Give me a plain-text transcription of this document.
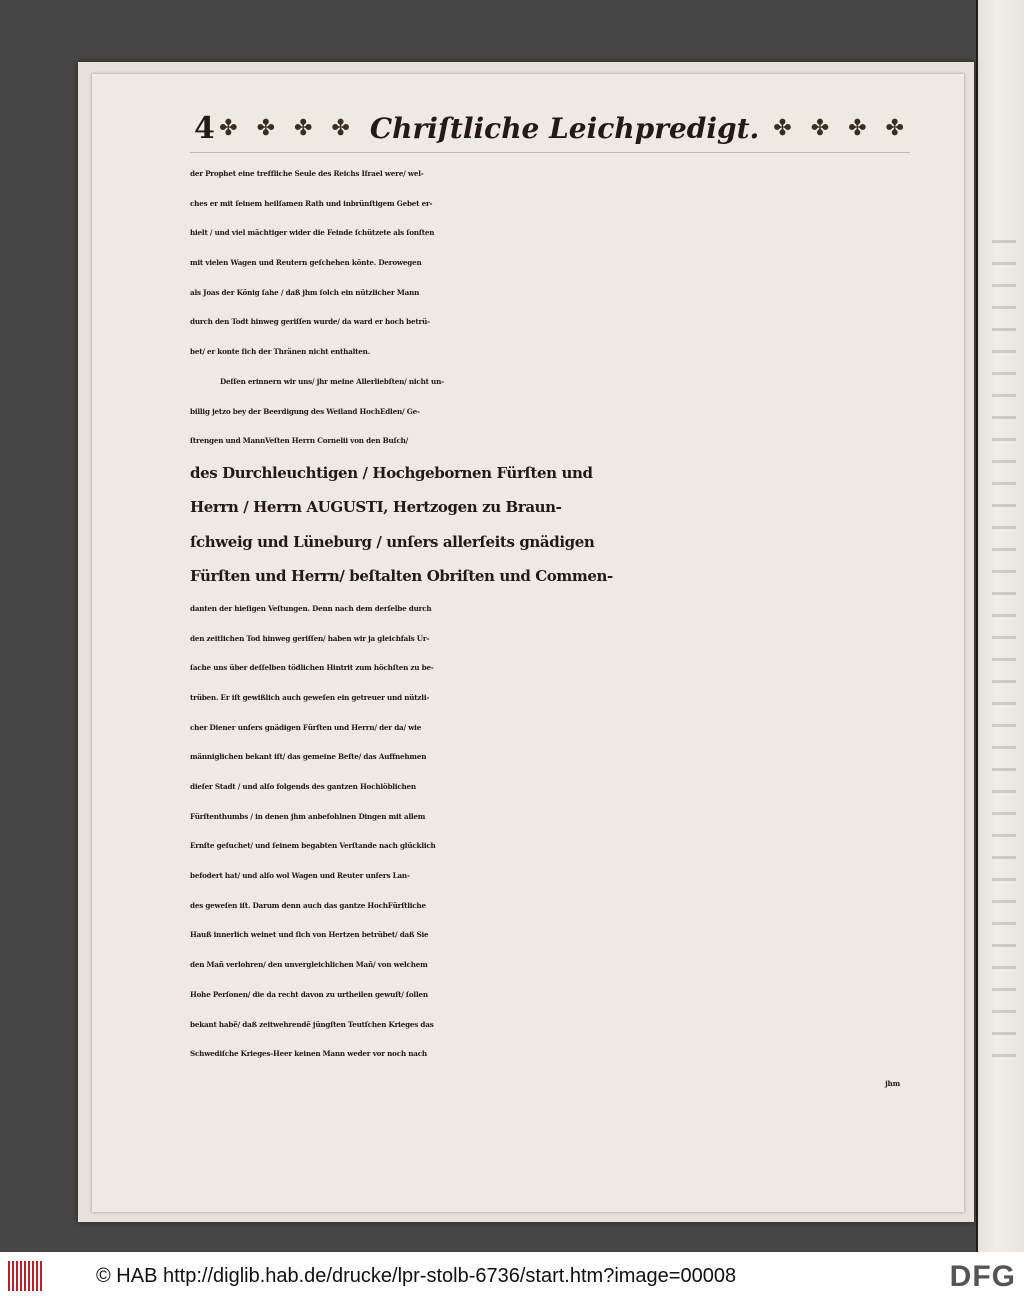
4 ✤ ✤ ✤ ✤ Chriſtliche Leichpredigt. ✤ ✤ ✤ ✤
der Prophet eine treffliche Seule des Reichs Iſrael were/ wel-
ches er mit ſeinem heilſamen Rath und inbrünſtigem Gebet er-
hielt / und viel mächtiger wider die Feinde ſchützete als ſonſten
mit vielen Wagen und Reutern geſchehen könte. Derowegen
als Joas der König ſahe / daß jhm ſolch ein nützlicher Mann
durch den Todt hinweg geriſſen wurde/ da ward er hoch betrü-
bet/ er konte ſich der Thränen nicht enthalten.
Deſſen erinnern wir uns/ jhr meine Allerliebſten/ nicht un-
billig jetzo bey der Beerdigung des Weiland HochEdlen/ Ge-
ſtrengen und MannVeſten Herrn Cornelii von den Buſch/
des Durchleuchtigen / Hochgebornen Fürſten und
Herrn / Herrn AUGUSTI, Hertzogen zu Braun-
ſchweig und Lüneburg / unſers allerſeits gnädigen
Fürſten und Herrn/ beſtalten Obriſten und Commen-
danten der hieſigen Veſtungen. Denn nach dem derſelbe durch
den zeitlichen Tod hinweg geriſſen/ haben wir ja gleichfals Ur-
ſache uns über deſſelben tödlichen Hintrit zum höchſten zu be-
trüben. Er iſt gewißlich auch geweſen ein getreuer und nützli-
cher Diener unſers gnädigen Fürſten und Herrn/ der da/ wie
männiglichen bekant iſt/ das gemeine Beſte/ das Auffnehmen
dieſer Stadt / und alſo folgends des gantzen Hochlöblichen
Fürſtenthumbs / in denen jhm anbefohlnen Dingen mit allem
Ernſte geſuchet/ und ſeinem begabten Verſtande nach glücklich
befodert hat/ und alſo wol Wagen und Reuter unſers Lan-
des geweſen iſt. Darum denn auch das gantze HochFürſtliche
Hauß innerlich weinet und ſich von Hertzen betrübet/ daß Sie
den Mañ verlohren/ den unvergleichlichen Mañ/ von welchem
Hohe Perſonen/ die da recht davon zu urtheilen gewuſt/ ſollen
bekant habẽ/ daß zeitwehrendẽ jüngſten Teutſchen Krieges das
Schwediſche Krieges-Heer keinen Mann weder vor noch nach
jhm
© HAB http://diglib.hab.de/drucke/lpr-stolb-6736/start.htm?image=00008	DFG
